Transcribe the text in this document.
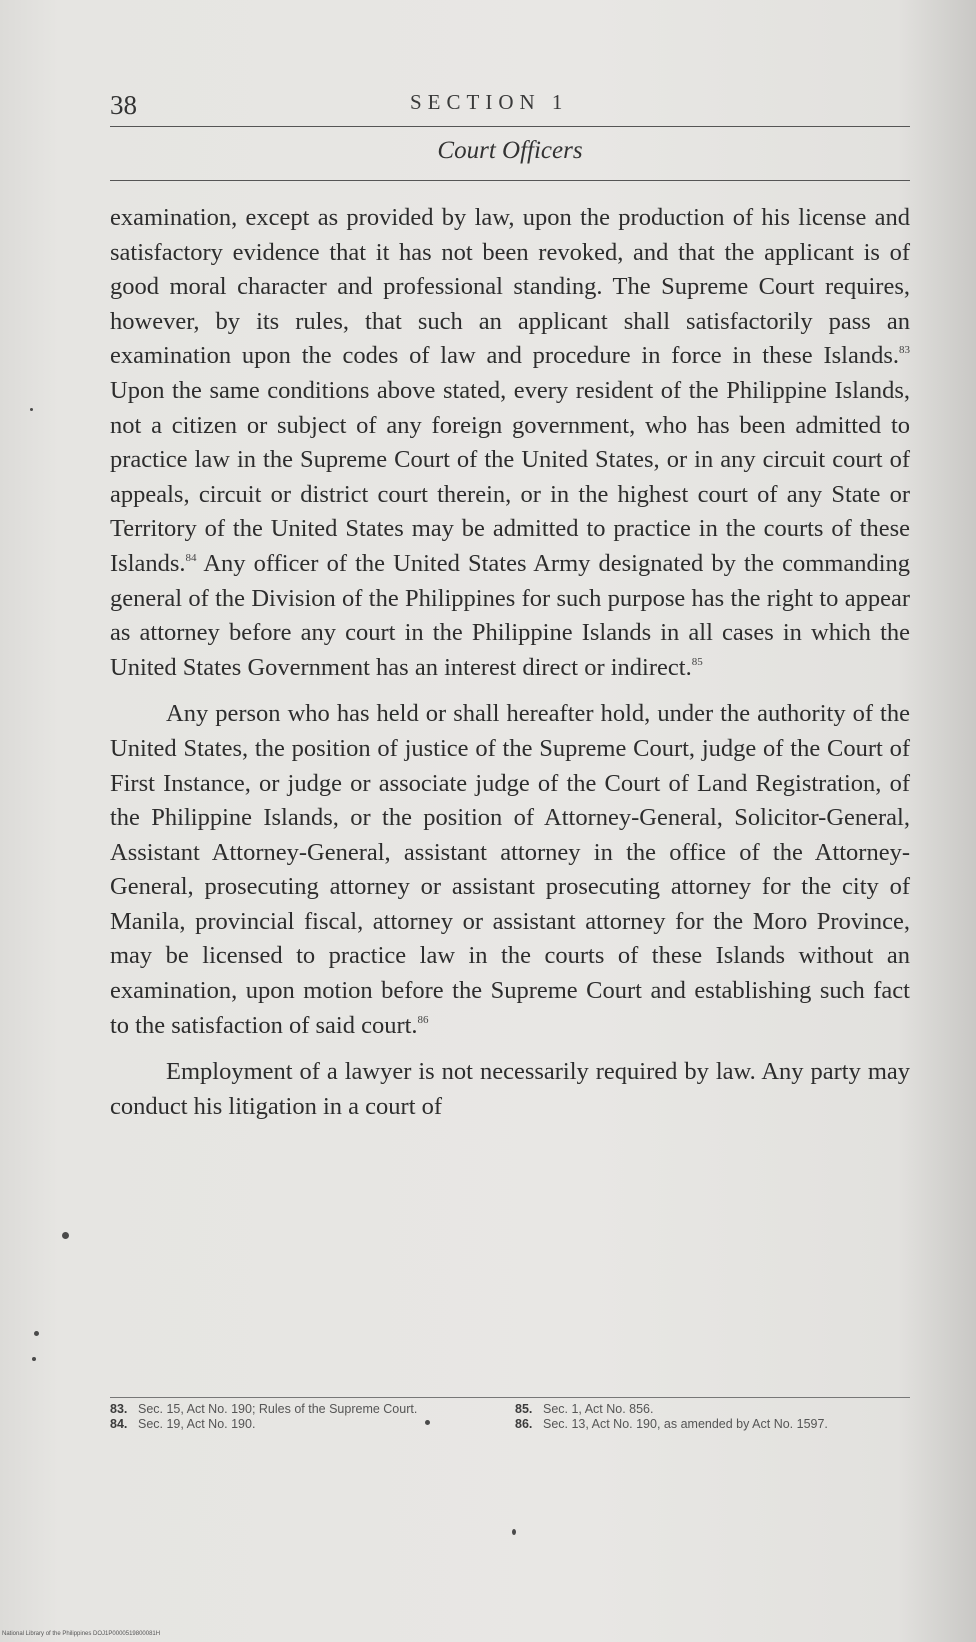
38	SECTION 1
Court Officers

examination, except as provided by law, upon the production of his license and satisfactory evidence that it has not been revoked, and that the applicant is of good moral character and professional standing. The Supreme Court requires, however, by its rules, that such an applicant shall satisfactorily pass an examination upon the codes of law and procedure in force in these Islands.$^{83}$ Upon the same conditions above stated, every resident of the Philippine Islands, not a citizen or subject of any foreign government, who has been admitted to practice law in the Supreme Court of the United States, or in any circuit court of appeals, circuit or district court therein, or in the highest court of any State or Territory of the United States may be admitted to practice in the courts of these Islands.$^{84}$ Any officer of the United States Army designated by the commanding general of the Division of the Philippines for such purpose has the right to appear as attorney before any court in the Philippine Islands in all cases in which the United States Government has an interest direct or indirect.$^{85}$

Any person who has held or shall hereafter hold, under the authority of the United States, the position of justice of the Supreme Court, judge of the Court of First Instance, or judge or associate judge of the Court of Land Registration, of the Philippine Islands, or the position of Attorney-General, Solicitor-General, Assistant Attorney-General, assistant attorney in the office of the Attorney-General, prosecuting attorney or assistant prosecuting attorney for the city of Manila, provincial fiscal, attorney or assistant attorney for the Moro Province, may be licensed to practice law in the courts of these Islands without an examination, upon motion before the Supreme Court and establishing such fact to the satisfaction of said court.$^{86}$

Employment of a lawyer is not necessarily required by law. Any party may conduct his litigation in a court of

83. Sec. 15, Act No. 190; Rules of the Supreme Court.
84. Sec. 19, Act No. 190.
85. Sec. 1, Act No. 856.
86. Sec. 13, Act No. 190, as amended by Act No. 1597.
National Library of the Philippines DOJ1P0000519800081H
